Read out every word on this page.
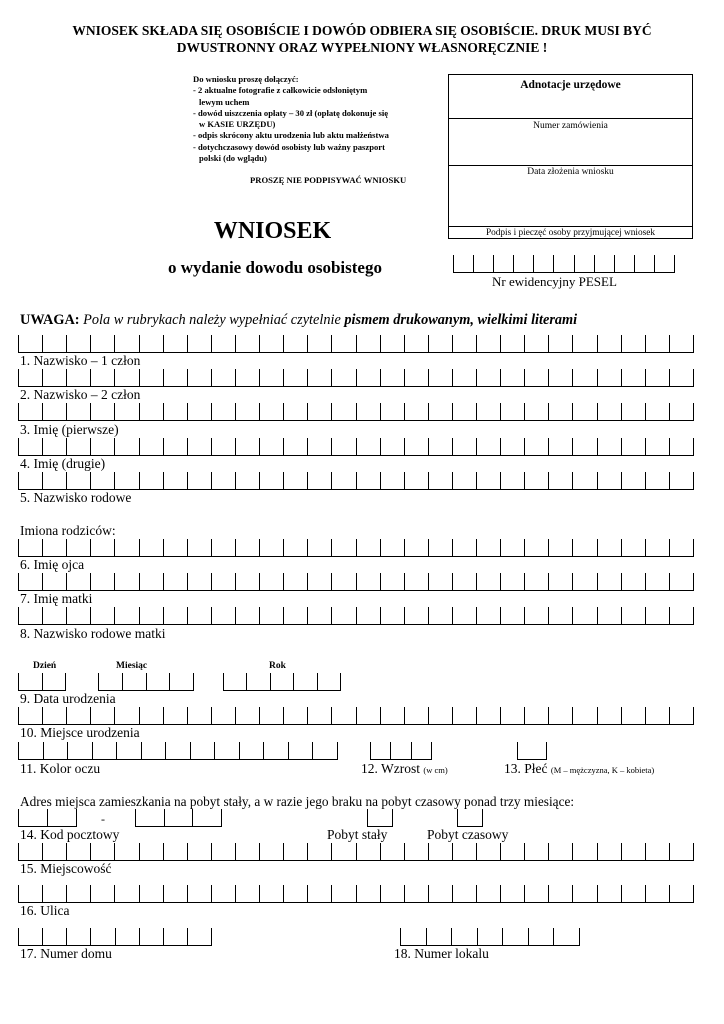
WNIOSEK SKŁADA SIĘ OSOBIŚCIE I DOWÓD ODBIERA SIĘ OSOBIŚCIE. DRUK MUSI BYĆ
DWUSTRONNY ORAZ WYPEŁNIONY WŁASNORĘCZNIE !
Do wniosku proszę dołączyć:
- 2 aktualne fotografie z całkowicie odsłoniętym
lewym uchem
- dowód uiszczenia opłaty – 30 zł (opłatę dokonuje się
w KASIE URZĘDU)
- odpis skrócony aktu urodzenia lub aktu małżeństwa
- dotychczasowy dowód osobisty lub ważny paszport
polski (do wglądu)
PROSZĘ NIE PODPISYWAĆ WNIOSKU
Adnotacje urzędowe
Numer zamówienia
Data złożenia wniosku
Podpis i pieczęć osoby przyjmującej wniosek
WNIOSEK
o wydanie dowodu osobistego
Nr ewidencyjny PESEL
UWAGA: Pola w rubrykach należy wypełniać czytelnie pismem drukowanym, wielkimi literami
1. Nazwisko – 1 człon
2. Nazwisko – 2 człon
3. Imię (pierwsze)
4. Imię (drugie)
5. Nazwisko rodowe
Imiona rodziców:
6. Imię ojca
7. Imię matki
8. Nazwisko rodowe matki
Dzień	Miesiąc	Rok
9. Data urodzenia
10. Miejsce urodzenia
11. Kolor oczu	12. Wzrost (w cm)	13. Płeć (M – mężczyzna, K – kobieta)
Adres miejsca zamieszkania na pobyt stały, a w razie jego braku na pobyt czasowy ponad trzy miesiące:
-
14. Kod pocztowy	Pobyt stały	Pobyt czasowy
15. Miejscowość
16. Ulica
17. Numer domu	18. Numer lokalu
